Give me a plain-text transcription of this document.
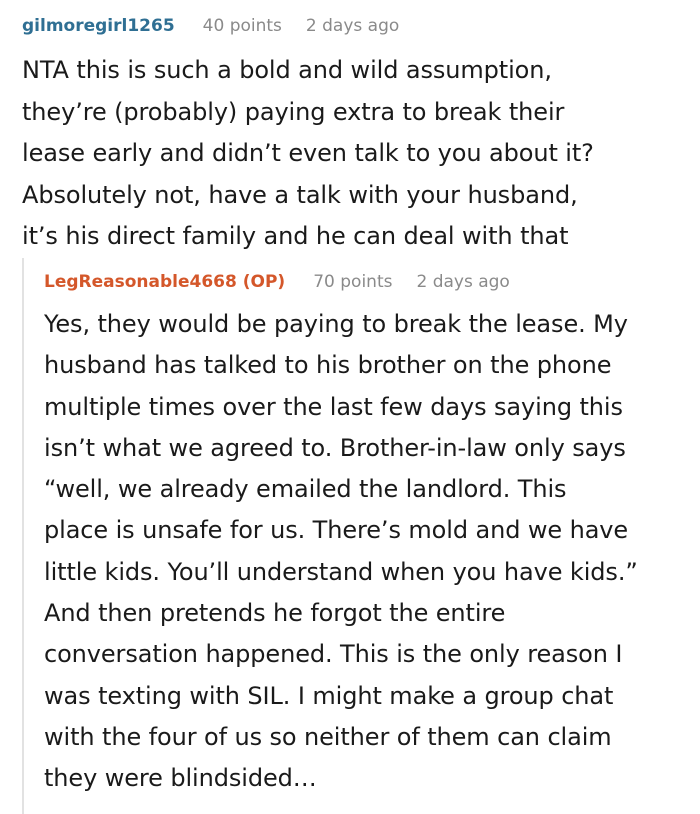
gilmoregirl1265 40 points 2 days ago
NTA this is such a bold and wild assumption,
they’re (probably) paying extra to break their
lease early and didn’t even talk to you about it?
Absolutely not, have a talk with your husband,
it’s his direct family and he can deal with that
LegReasonable4668 (OP) 70 points 2 days ago
Yes, they would be paying to break the lease. My
husband has talked to his brother on the phone
multiple times over the last few days saying this
isn’t what we agreed to. Brother-in-law only says
“well, we already emailed the landlord. This
place is unsafe for us. There’s mold and we have
little kids. You’ll understand when you have kids.”
And then pretends he forgot the entire
conversation happened. This is the only reason I
was texting with SIL. I might make a group chat
with the four of us so neither of them can claim
they were blindsided…
